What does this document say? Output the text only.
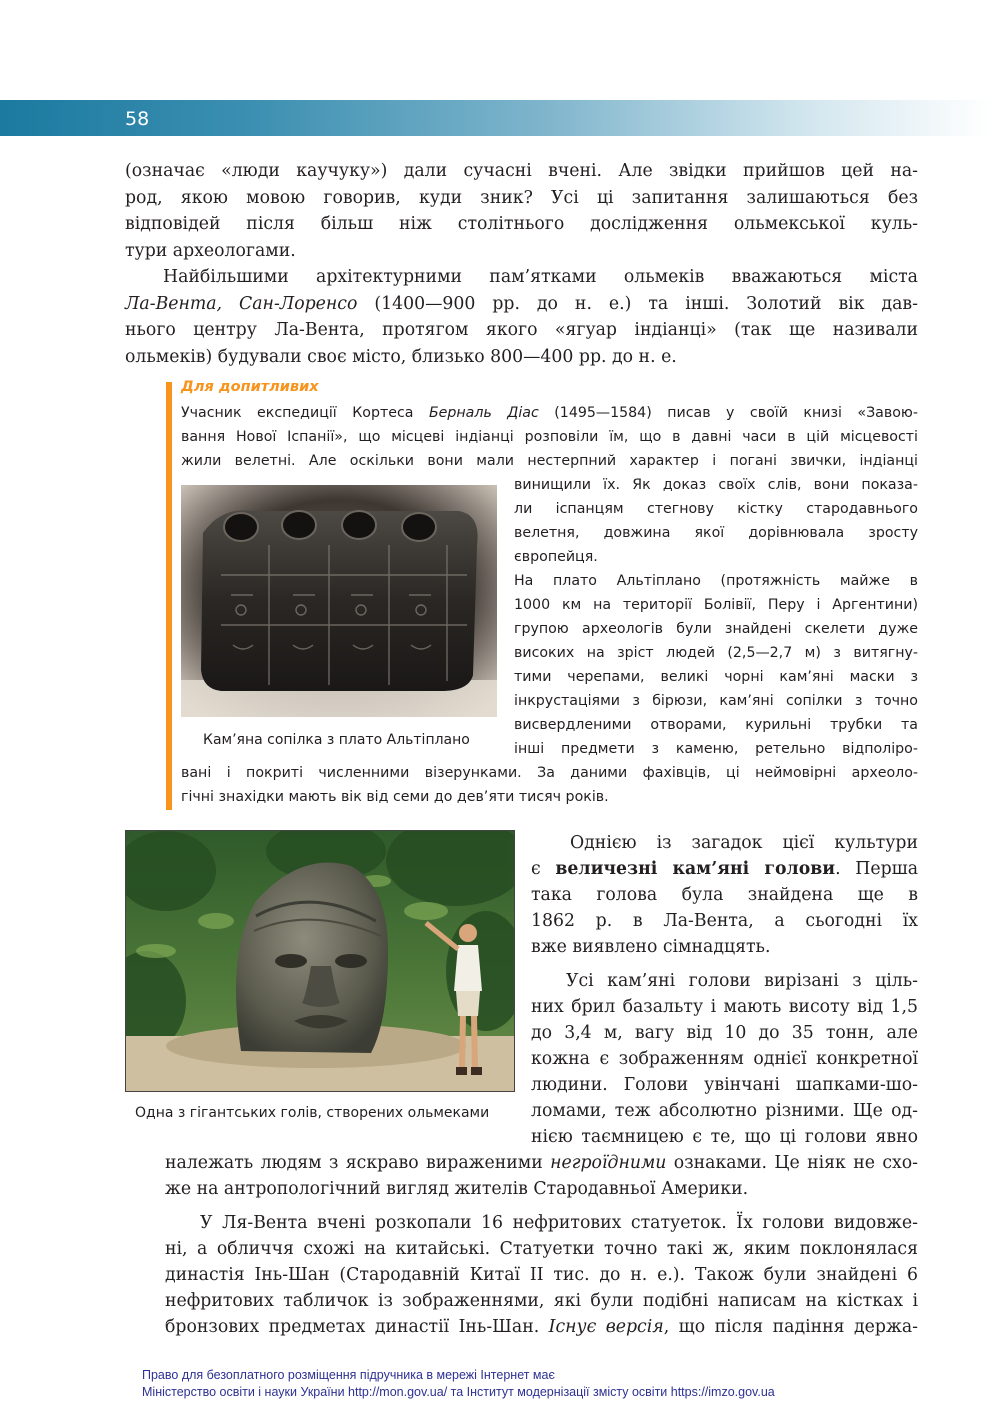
58

(означає «люди каучуку») дали сучасні вчені. Але звідки прийшов цей на-

род, якою мовою говорив, куди зник? Усі ці запитання залишаються без

відповідей після більш ніж столітнього дослідження ольмекської куль-

тури археологами.

Найбільшими архітектурними пам’ятками ольмеків вважаються міста

Ла-Вента, Сан-Лоренсо (1400—900 рр. до н. е.) та інші. Золотий вік дав-

нього центру Ла-Вента, протягом якого «ягуар індіанці» (так ще називали

ольмеків) будували своє місто, близько 800—400 рр. до н. е.

Для допитливих

Учасник експедиції Кортеса Берналь Діас (1495—1584) писав у своїй книзі «Завою-

вання Нової Іспанії», що місцеві індіанці розповіли їм, що в давні часи в цій місцевості

жили велетні. Але оскільки вони мали нестерпний характер і погані звички, індіанці

Кам’яна сопілка з плато Альтіплано

винищили їх. Як доказ своїх слів, вони показа-

ли іспанцям стегнову кістку стародавнього

велетня, довжина якої дорівнювала зросту

європейця.

На плато Альтіплано (протяжність майже в

1000 км на території Болівії, Перу і Аргентини)

групою археологів були знайдені скелети дуже

високих на зріст людей (2,5—2,7 м) з витягну-

тими черепами, великі чорні кам’яні маски з

інкрустаціями з бірюзи, кам’яні сопілки з точно

висвердленими отворами, курильні трубки та

інші предмети з каменю, ретельно відполіро-

вані і покриті численними візерунками. За даними фахівців, ці неймовірні археоло-

гічні знахідки мають вік від семи до дев’яти тисяч років.

Одна з гігантських голів, створених ольмеками

Однією із загадок цієї культури

є величезні кам’яні голови. Перша

така голова була знайдена ще в

1862 р. в Ла-Вента, а сьогодні їх

вже виявлено сімнадцять.

Усі кам’яні голови вирізані з ціль-

них брил базальту і мають висоту від 1,5

до 3,4 м, вагу від 10 до 35 тонн, але

кожна є зображенням однієї конкретної

людини. Голови увінчані шапками-шо-

ломами, теж абсолютно різними. Ще од-

нією таємницею є те, що ці голови явно

належать людям з яскраво вираженими негроїдними ознаками. Це ніяк не схо-

же на антропологічний вигляд жителів Стародавньої Америки.

У Ля-Вента вчені розкопали 16 нефритових статуеток. Їх голови видовже-

ні, а обличчя схожі на китайські. Статуетки точно такі ж, яким поклонялася

династія Інь-Шан (Стародавній Китаї II тис. до н. е.). Також були знайдені 6

нефритових табличок із зображеннями, які були подібні написам на кістках і

бронзових предметах династії Інь-Шан. Існує версія, що після падіння держа-

Право для безоплатного розміщення підручника в мережі Інтернет має

Міністерство освіти і науки України http://mon.gov.ua/ та Інститут модернізації змісту освіти https://imzo.gov.ua
